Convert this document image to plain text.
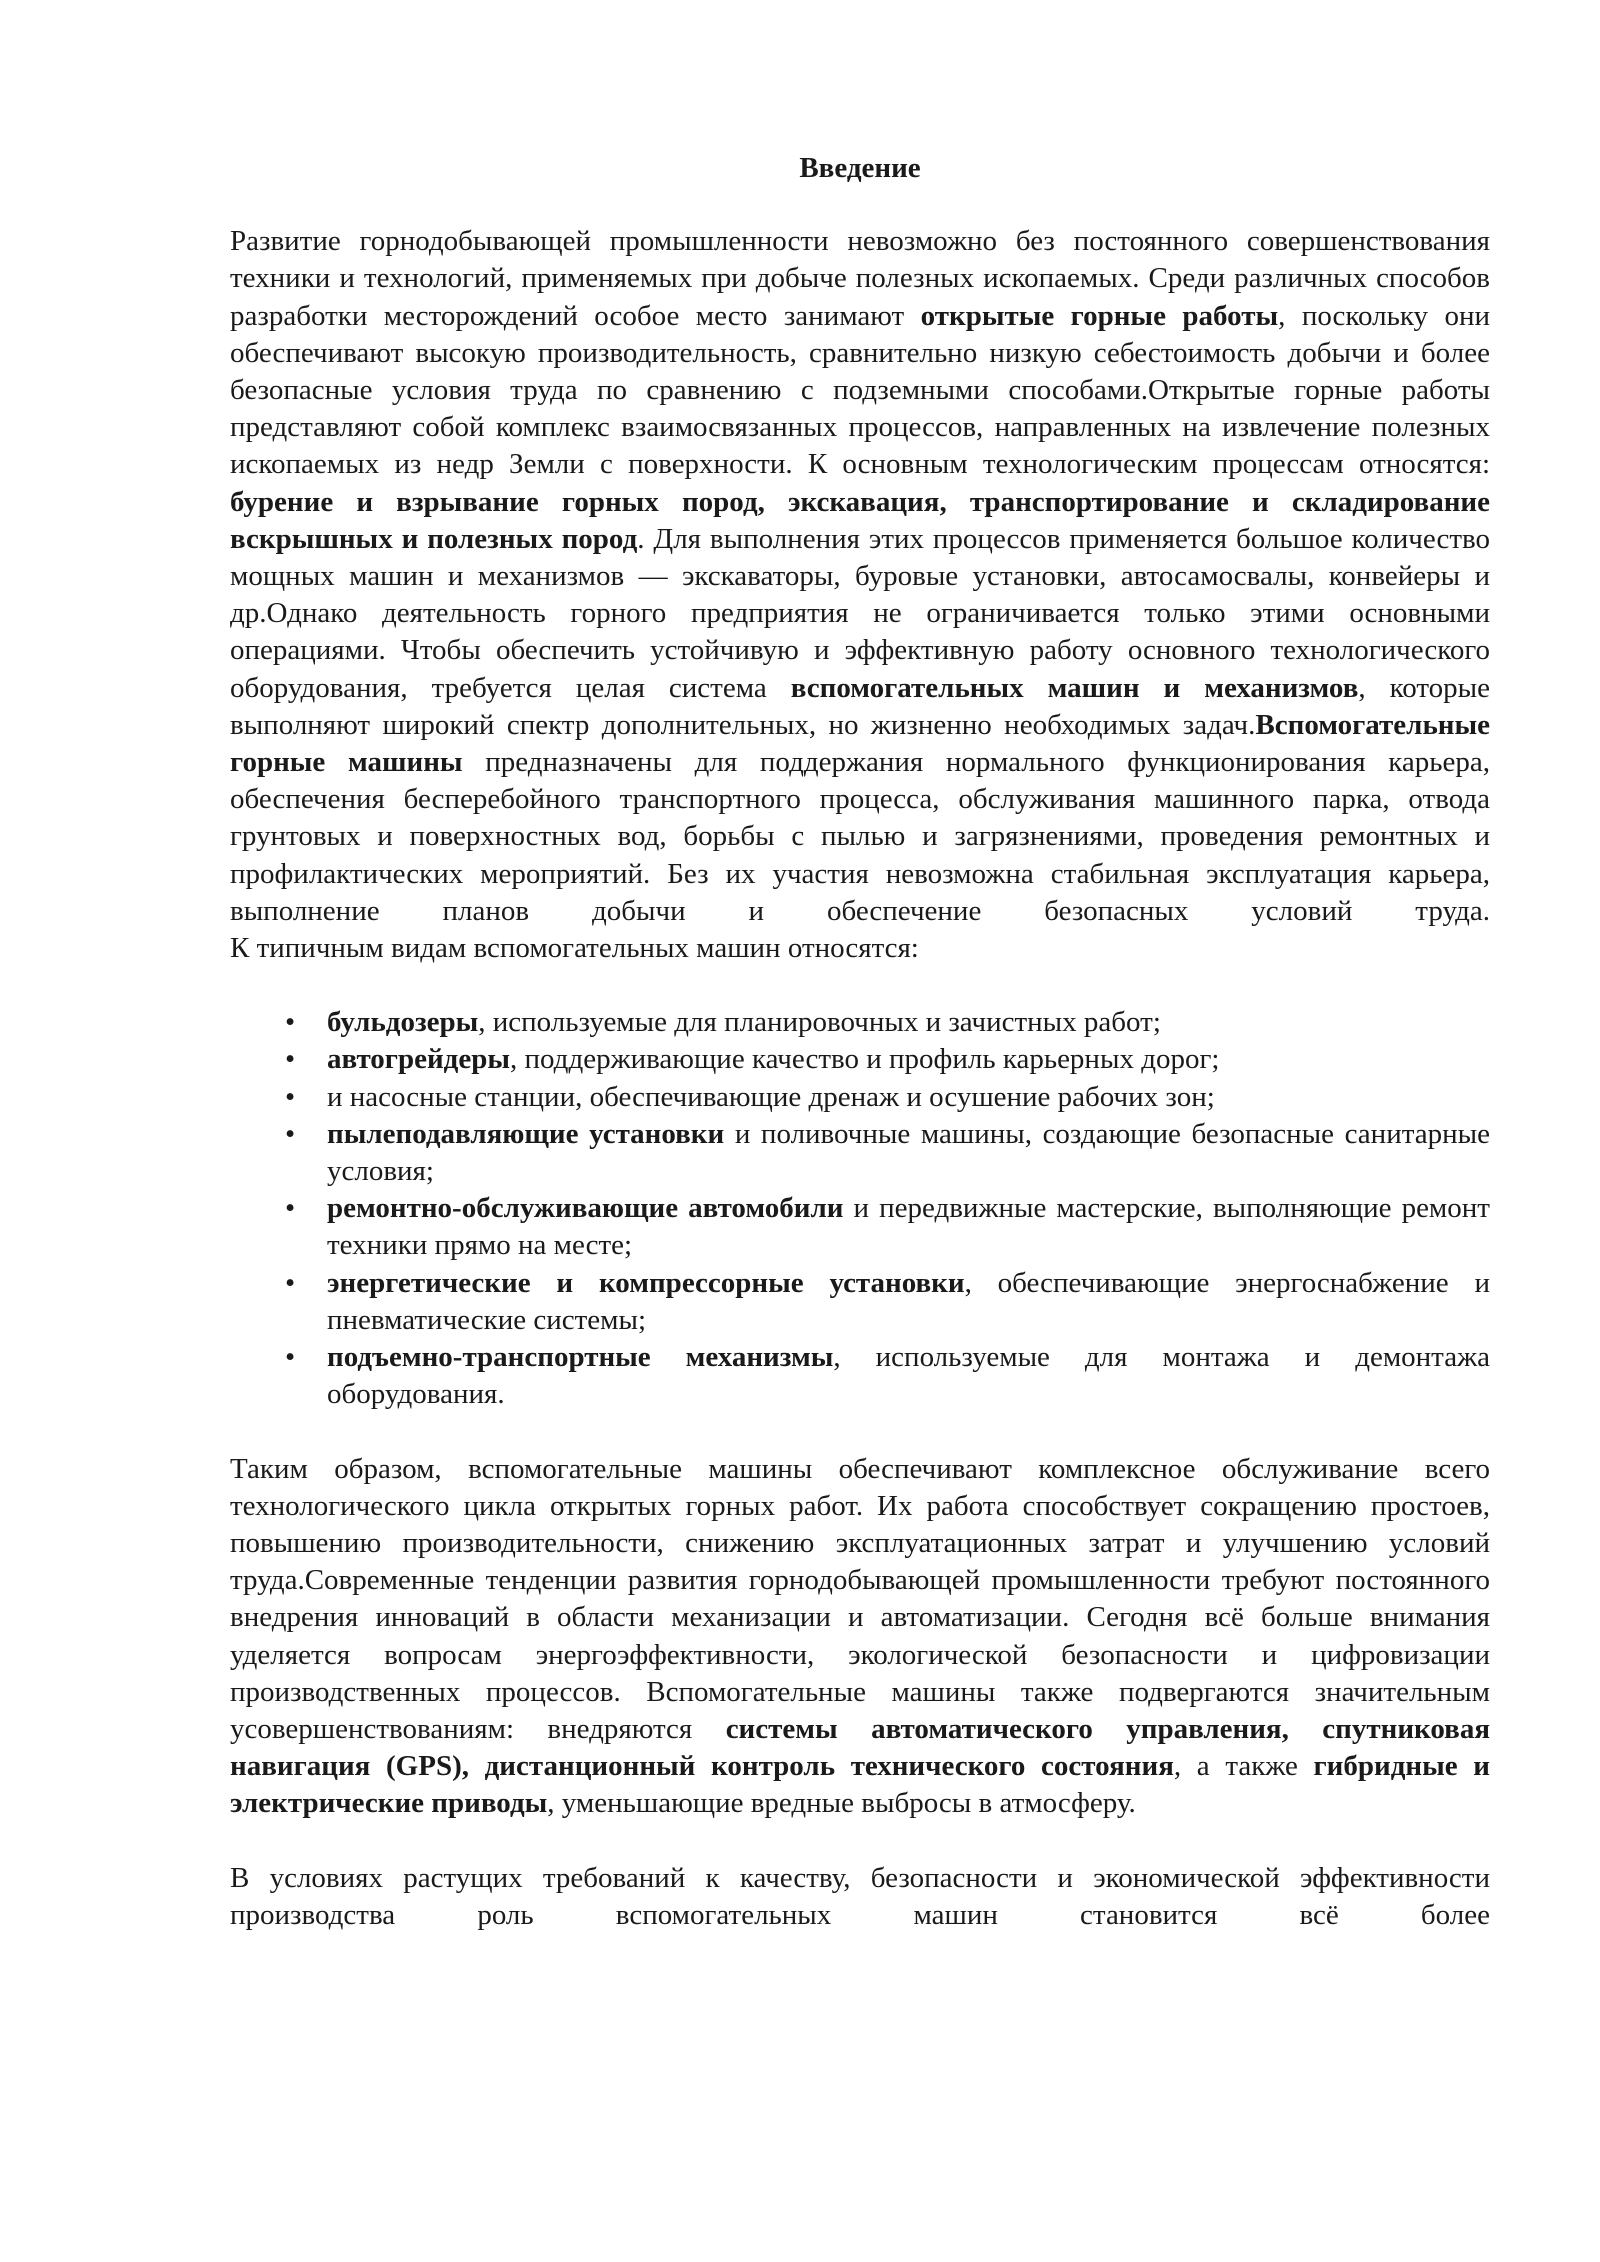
Введение

Развитие горнодобывающей промышленности невозможно без постоянного совершенствования техники и технологий, применяемых при добыче полезных ископаемых. Среди различных способов разработки месторождений особое место занимают открытые горные работы, поскольку они обеспечивают высокую производительность, сравнительно низкую себестоимость добычи и более безопасные условия труда по сравнению с подземными способами.Открытые горные работы представляют собой комплекс взаимосвязанных процессов, направленных на извлечение полезных ископаемых из недр Земли с поверхности. К основным технологическим процессам относятся: бурение и взрывание горных пород, экскавация, транспортирование и складирование вскрышных и полезных пород. Для выполнения этих процессов применяется большое количество мощных машин и механизмов — экскаваторы, буровые установки, автосамосвалы, конвейеры и др.Однако деятельность горного предприятия не ограничивается только этими основными операциями. Чтобы обеспечить устойчивую и эффективную работу основного технологического оборудования, требуется целая система вспомогательных машин и механизмов, которые выполняют широкий спектр дополнительных, но жизненно необходимых задач.Вспомогательные горные машины предназначены для поддержания нормального функционирования карьера, обеспечения бесперебойного транспортного процесса, обслуживания машинного парка, отвода грунтовых и поверхностных вод, борьбы с пылью и загрязнениями, проведения ремонтных и профилактических мероприятий. Без их участия невозможна стабильная эксплуатация карьера, выполнение планов добычи и обеспечение безопасных условий труда.

К типичным видам вспомогательных машин относятся:

• бульдозеры, используемые для планировочных и зачистных работ;
• автогрейдеры, поддерживающие качество и профиль карьерных дорог;
• и насосные станции, обеспечивающие дренаж и осушение рабочих зон;
• пылеподавляющие установки и поливочные машины, создающие безопасные санитарные условия;
• ремонтно-обслуживающие автомобили и передвижные мастерские, выполняющие ремонт техники прямо на месте;
• энергетические и компрессорные установки, обеспечивающие энергоснабжение и пневматические системы;
• подъемно-транспортные механизмы, используемые для монтажа и демонтажа оборудования.

Таким образом, вспомогательные машины обеспечивают комплексное обслуживание всего технологического цикла открытых горных работ. Их работа способствует сокращению простоев, повышению производительности, снижению эксплуатационных затрат и улучшению условий труда.Современные тенденции развития горнодобывающей промышленности требуют постоянного внедрения инноваций в области механизации и автоматизации. Сегодня всё больше внимания уделяется вопросам энергоэффективности, экологической безопасности и цифровизации производственных процессов. Вспомогательные машины также подвергаются значительным усовершенствованиям: внедряются системы автоматического управления, спутниковая навигация (GPS), дистанционный контроль технического состояния, а также гибридные и электрические приводы, уменьшающие вредные выбросы в атмосферу.

В условиях растущих требований к качеству, безопасности и экономической эффективности производства роль вспомогательных машин становится всё более
